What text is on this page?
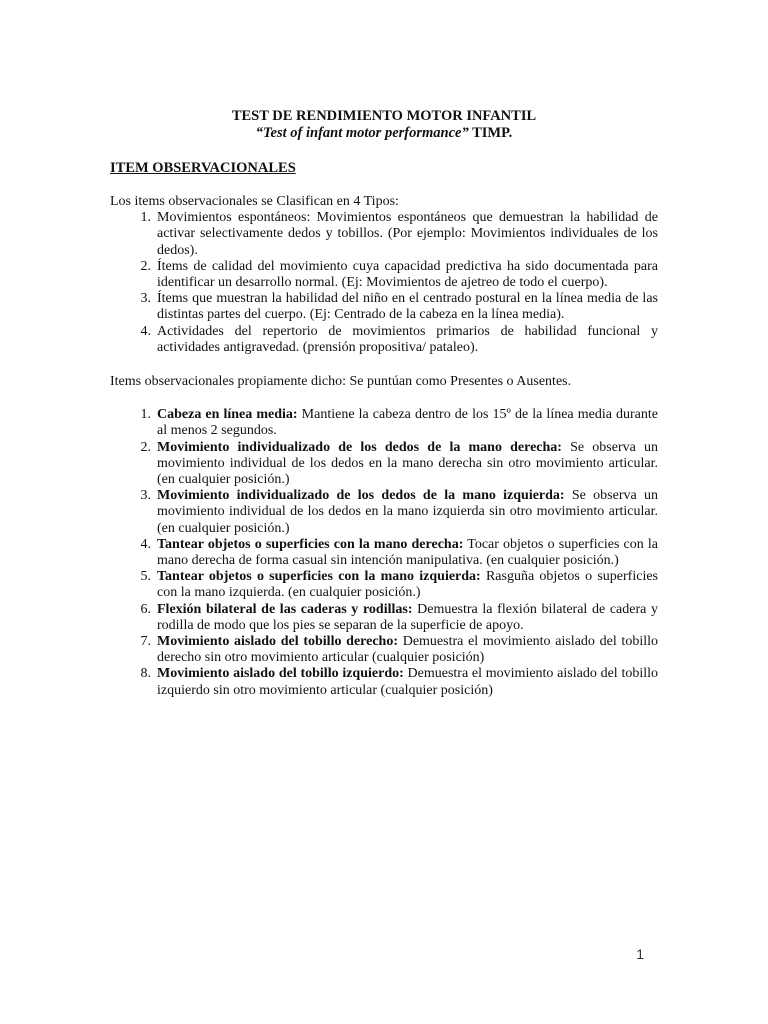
TEST DE RENDIMIENTO MOTOR INFANTIL

“Test of infant motor performance” TIMP.

ITEM OBSERVACIONALES

Los items observacionales se Clasifican en 4 Tipos:

1. Movimientos espontáneos: Movimientos espontáneos que demuestran la habilidad de activar selectivamente dedos y tobillos. (Por ejemplo: Movimientos individuales de los dedos).
2. Ítems de calidad del movimiento cuya capacidad predictiva ha sido documentada para identificar un desarrollo normal. (Ej: Movimientos de ajetreo de todo el cuerpo).
3. Ítems que muestran la habilidad del niño en el centrado postural en la línea media de las distintas partes del cuerpo. (Ej: Centrado de la cabeza en la línea media).
4. Actividades del repertorio de movimientos primarios de habilidad funcional y actividades antigravedad. (prensión propositiva/ pataleo).

Items observacionales propiamente dicho: Se puntúan como Presentes o Ausentes.

1. Cabeza en línea media: Mantiene la cabeza dentro de los 15º de la línea media durante al menos 2 segundos.
2. Movimiento individualizado de los dedos de la mano derecha: Se observa un movimiento individual de los dedos en la mano derecha sin otro movimiento articular. (en cualquier posición.)
3. Movimiento individualizado de los dedos de la mano izquierda: Se observa un movimiento individual de los dedos en la mano izquierda sin otro movimiento articular. (en cualquier posición.)
4. Tantear objetos o superficies con la mano derecha: Tocar objetos o superficies con la mano derecha de forma casual sin intención manipulativa. (en cualquier posición.)
5. Tantear objetos o superficies con la mano izquierda: Rasguña objetos o superficies con la mano izquierda. (en cualquier posición.)
6. Flexión bilateral de las caderas y rodillas: Demuestra la flexión bilateral de cadera y rodilla de modo que los pies se separan de la superficie de apoyo.
7. Movimiento aislado del tobillo derecho: Demuestra el movimiento aislado del tobillo derecho sin otro movimiento articular (cualquier posición)
8. Movimiento aislado del tobillo izquierdo: Demuestra el movimiento aislado del tobillo izquierdo sin otro movimiento articular (cualquier posición)
1
